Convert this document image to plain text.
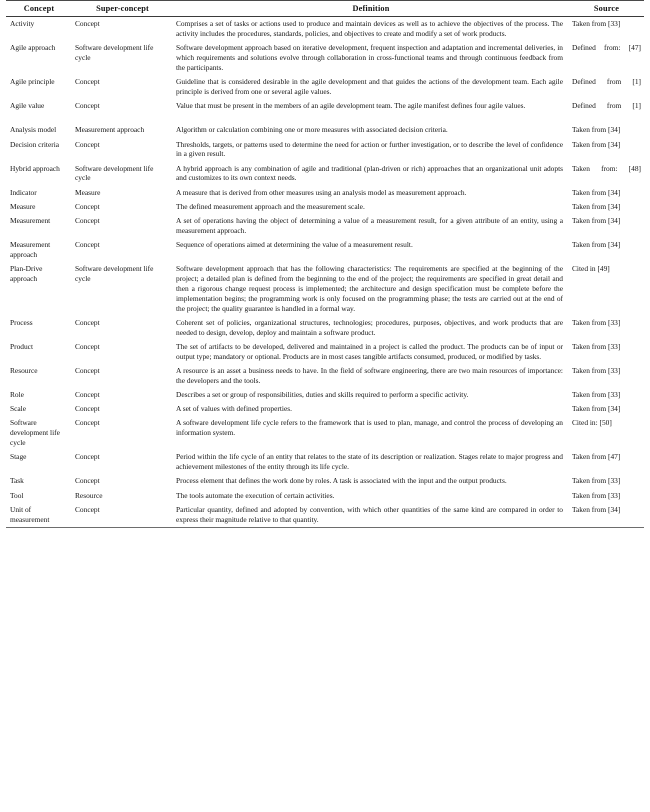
Concept	Super-concept	Definition	Source
Activity	Concept	Comprises a set of tasks or actions used to produce and maintain devices as well as to achieve the objectives of the process. The activity includes the procedures, standards, policies, and objectives to create and modify a set of work products.	Taken from [33]
Agile approach	Software development life cycle	Software development approach based on iterative development, frequent inspection and adaptation and incremental deliveries, in which requirements and solutions evolve through collaboration in cross-functional teams and through continuous feedback from the participants.	Defined from: [47]

Agile principle	Concept	Guideline that is considered desirable in the agile development and that guides the actions of the development team. Each agile principle is derived from one or several agile values.	Defined from [1]

Agile value	Concept	Value that must be present in the members of an agile development team. The agile manifest defines four agile values.	Defined from [1]

Analysis model	Measurement approach	Algorithm or calculation combining one or more measures with associated decision criteria.	Taken from [34]
Decision criteria	Concept	Thresholds, targets, or patterns used to determine the need for action or further investigation, or to describe the level of confidence in a given result.	Taken from [34]
Hybrid approach	Software development life cycle	A hybrid approach is any combination of agile and traditional (plan-driven or rich) approaches that an organizational unit adopts and customizes to its own context needs.	Taken from: [48]

Indicator	Measure	A measure that is derived from other measures using an analysis model as measurement approach.	Taken from [34]
Measure	Concept	The defined measurement approach and the measurement scale.	Taken from [34]
Measurement	Concept	A set of operations having the object of determining a value of a measurement result, for a given attribute of an entity, using a measurement approach.	Taken from [34]
Measurement approach	Concept	Sequence of operations aimed at determining the value of a measurement result.	Taken from [34]
Plan-Drive approach	Software development life cycle	Software development approach that has the following characteristics: The requirements are specified at the beginning of the project; a detailed plan is defined from the beginning to the end of the project; the requirements are specified in great detail and then a rigorous change request process is implemented; the architecture and design specification must be complete before the implementation begins; the programming work is only focused on the programming phase; the tests are carried out at the end of the project; the quality guarantee is handled in a formal way.	Cited in [49]
Process	Concept	Coherent set of policies, organizational structures, technologies; procedures, purposes, objectives, and work products that are needed to design, develop, deploy and maintain a software product.	Taken from [33]
Product	Concept	The set of artifacts to be developed, delivered and maintained in a project is called the product. The products can be of input or output type; mandatory or optional. Products are in most cases tangible artifacts consumed, produced, or modified by tasks.	Taken from [33]
Resource	Concept	A resource is an asset a business needs to have. In the field of software engineering, there are two main resources of importance: the developers and the tools.	Taken from [33]
Role	Concept	Describes a set or group of responsibilities, duties and skills required to perform a specific activity.	Taken from [33]
Scale	Concept	A set of values with defined properties.	Taken from [34]
Software development life cycle	Concept	A software development life cycle refers to the framework that is used to plan, manage, and control the process of developing an information system.	Cited in: [50]
Stage	Concept	Period within the life cycle of an entity that relates to the state of its description or realization. Stages relate to major progress and achievement milestones of the entity through its life cycle.	Taken from [47]
Task	Concept	Process element that defines the work done by roles. A task is associated with the input and the output products.	Taken from [33]
Tool	Resource	The tools automate the execution of certain activities.	Taken from [33]
Unit of measurement	Concept	Particular quantity, defined and adopted by convention, with which other quantities of the same kind are compared in order to express their magnitude relative to that quantity.	Taken from [34]
